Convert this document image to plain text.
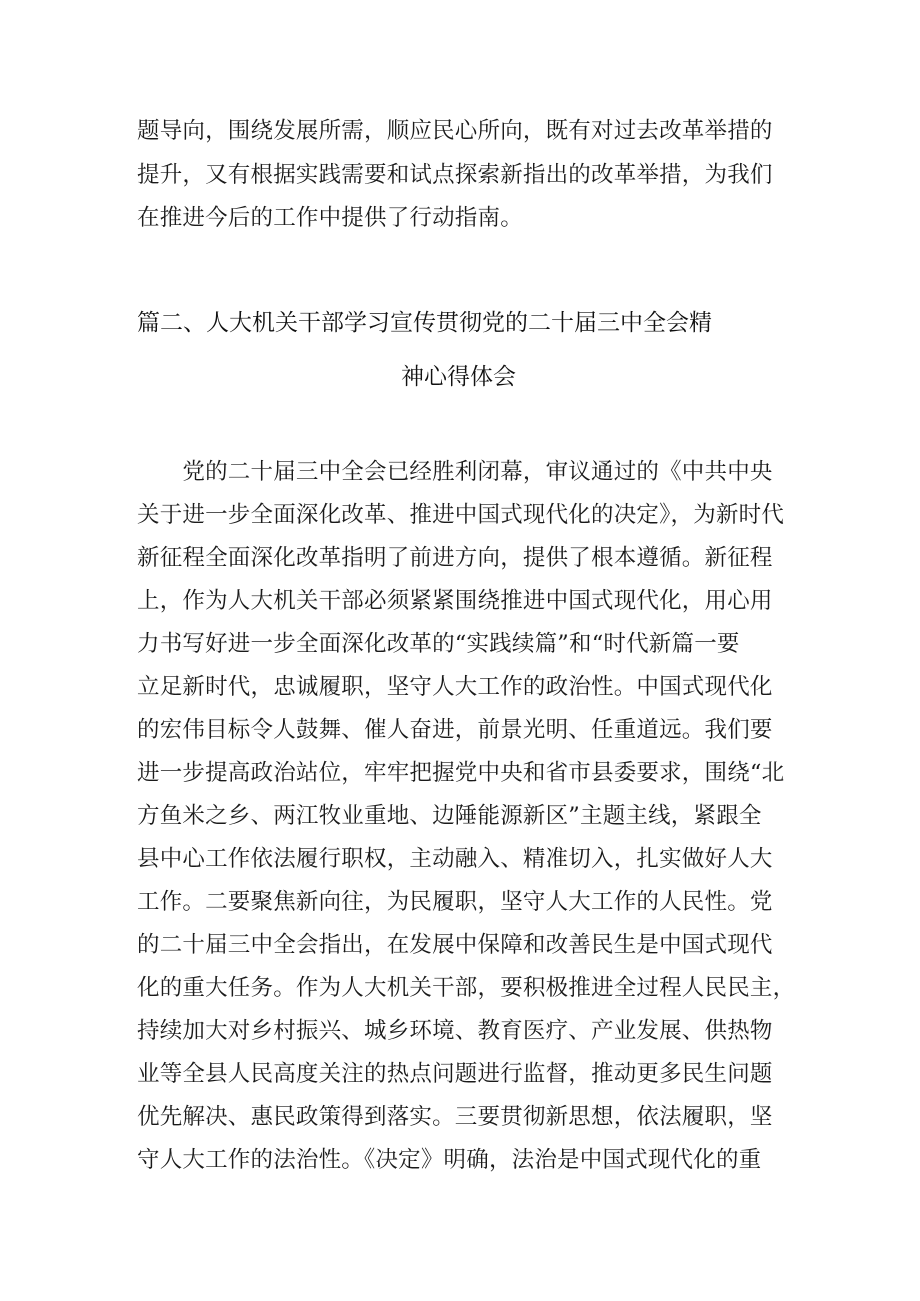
题导向，围绕发展所需，顺应民心所向，既有对过去改革举措的
提升，又有根据实践需要和试点探索新指出的改革举措，为我们
在推进今后的工作中提供了行动指南。
篇二、人大机关干部学习宣传贯彻党的二十届三中全会精
神心得体会
　　党的二十届三中全会已经胜利闭幕，审议通过的《中共中央
关于进一步全面深化改革、推进中国式现代化的决定》，为新时代
新征程全面深化改革指明了前进方向，提供了根本遵循。新征程
上，作为人大机关干部必须紧紧围绕推进中国式现代化，用心用
力书写好进一步全面深化改革的“实践续篇”和“时代新篇一要
立足新时代，忠诚履职，坚守人大工作的政治性。中国式现代化
的宏伟目标令人鼓舞、催人奋进，前景光明、任重道远。我们要
进一步提高政治站位，牢牢把握党中央和省市县委要求，围绕“北
方鱼米之乡、两江牧业重地、边陲能源新区”主题主线，紧跟全
县中心工作依法履行职权，主动融入、精准切入，扎实做好人大
工作。二要聚焦新向往，为民履职，坚守人大工作的人民性。党
的二十届三中全会指出，在发展中保障和改善民生是中国式现代
化的重大任务。作为人大机关干部，要积极推进全过程人民民主，
持续加大对乡村振兴、城乡环境、教育医疗、产业发展、供热物
业等全县人民高度关注的热点问题进行监督，推动更多民生问题
优先解决、惠民政策得到落实。三要贯彻新思想，依法履职，坚
守人大工作的法治性。《决定》明确，法治是中国式现代化的重
